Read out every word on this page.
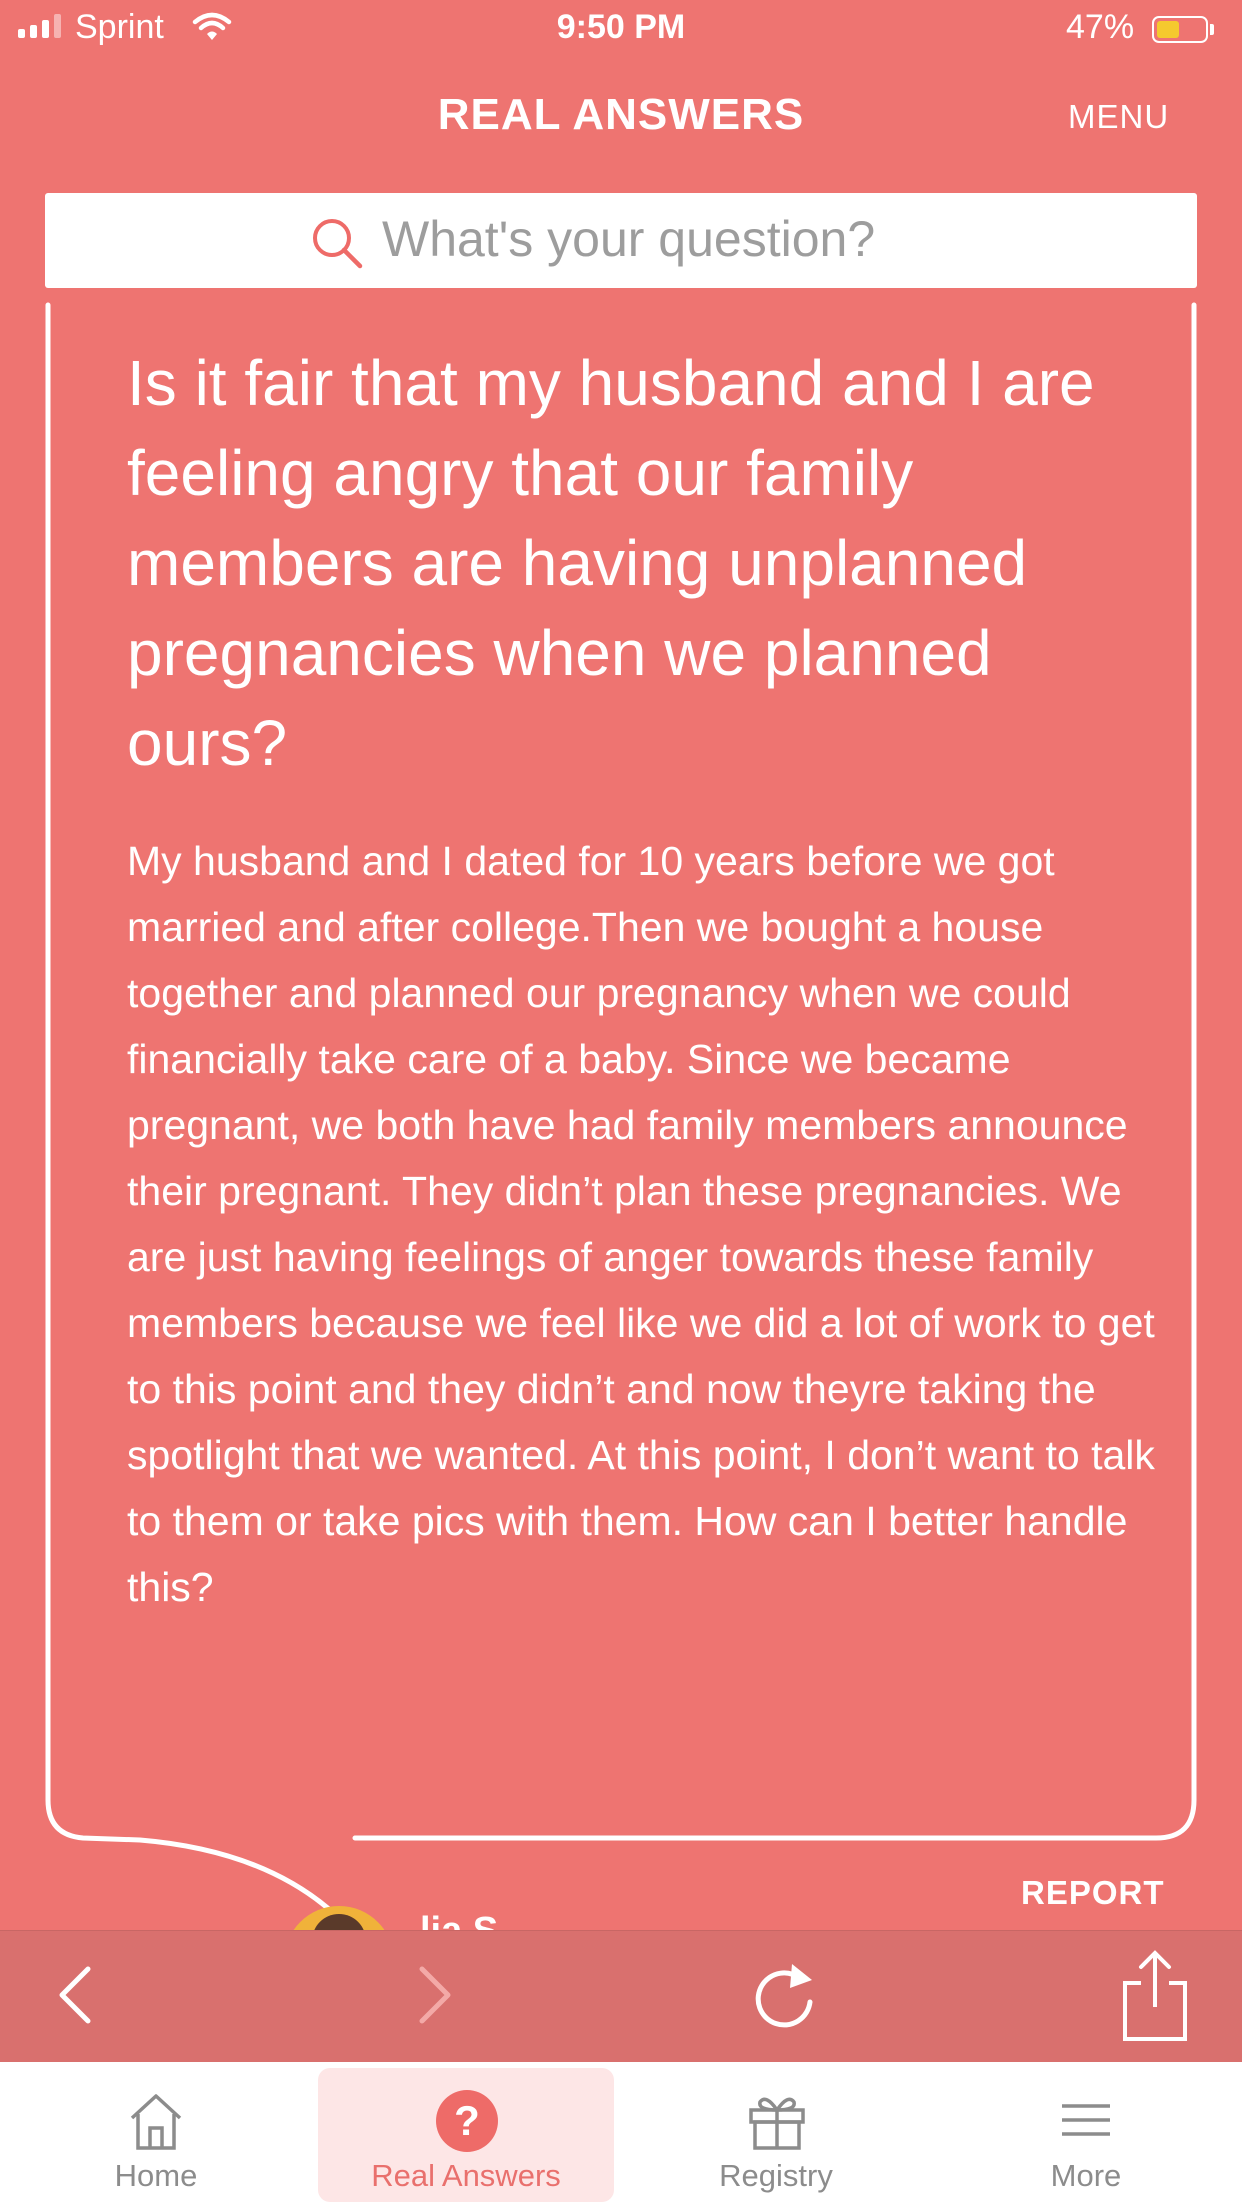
Sprint	9:50 PM	47%
REAL ANSWERS	MENU
What's your question?
Is it fair that my husband and I are feeling angry that our family members are having unplanned pregnancies when we planned ours?

My husband and I dated for 10 years before we got married and after college.Then we bought a house together and planned our pregnancy when we could financially take care of a baby. Since we became pregnant, we both have had family members announce their pregnant. They didn’t plan these pregnancies. We are just having feelings of anger towards these family members because we feel like we did a lot of work to get to this point and they didn’t and now theyre taking the spotlight that we wanted. At this point, I don’t want to talk to them or take pics with them. How can I better handle this?

REPORT
Home
?
Real Answers	Registry	More
